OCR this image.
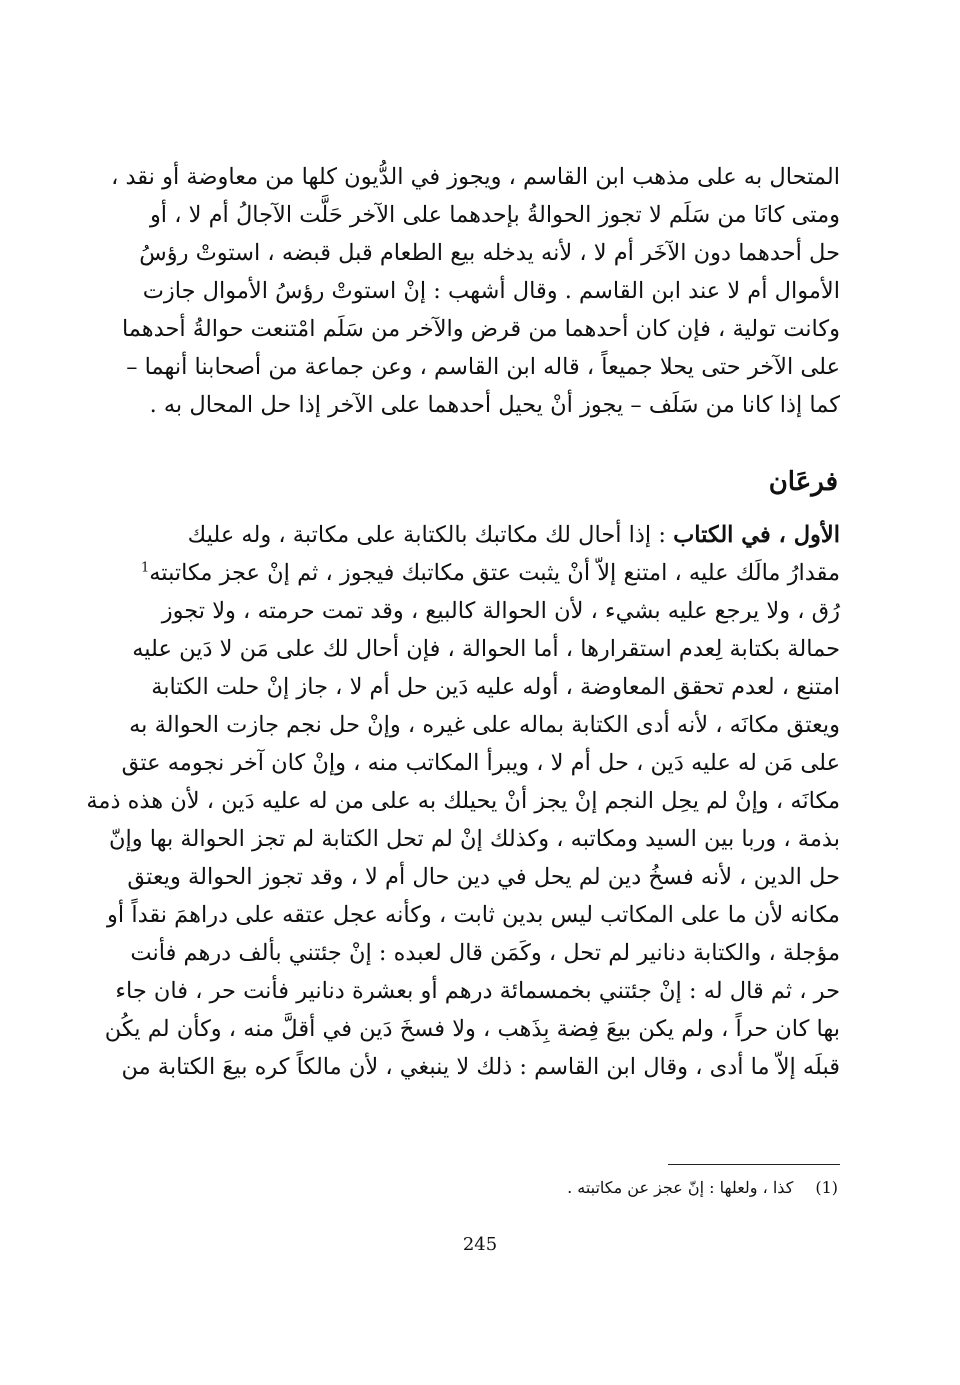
المتحال به على مذهب ابن القاسم ، ويجوز في الدُّيون كلها من معاوضة أو نقد ،
ومتى كانَا من سَلَم لا تجوز الحوالةُ بإحدهما على الآخر حَلَّت الآجالُ أم لا ، أو
حل أحدهما دون الآخَر أم لا ، لأنه يدخله بيع الطعام قبل قبضه ، استوتْ رؤسُ
الأموال أم لا عند ابن القاسم . وقال أشهب : إنْ استوتْ رؤسُ الأموال جازت
وكانت تولية ، فإن كان أحدهما من قرض والآخر من سَلَم امْتنعت حوالةُ أحدهما
على الآخر حتى يحلا جميعاً ، قاله ابن القاسم ، وعن جماعة من أصحابنا أنهما –
كما إذا كانا من سَلَف – يجوز أنْ يحيل أحدهما على الآخر إذا حل المحال به .
فرعَان
الأول ، في الكتاب : إذا أحال لك مكاتبك بالكتابة على مكاتبة ، وله عليك
مقدارُ مالَك عليه ، امتنع إلاّ أنْ يثبت عتق مكاتبك فيجوز ، ثم إنْ عجز مكاتبته$^1$
رُق ، ولا يرجع عليه بشيء ، لأن الحوالة كالبيع ، وقد تمت حرمته ، ولا تجوز
حمالة بكتابة لِعدم استقرارها ، أما الحوالة ، فإن أحال لك على مَن لا دَين عليه
امتنع ، لعدم تحقق المعاوضة ، أوله عليه دَين حل أم لا ، جاز إنْ حلت الكتابة
ويعتق مكانَه ، لأنه أدى الكتابة بماله على غيره ، وإنْ حل نجم جازت الحوالة به
على مَن له عليه دَين ، حل أم لا ، ويبرأ المكاتب منه ، وإنْ كان آخر نجومه عتق
مكانَه ، وإنْ لم يحِل النجم إنْ يجز أنْ يحيلك به على من له عليه دَين ، لأن هذه ذمة
بذمة ، وربا بين السيد ومكاتبه ، وكذلك إنْ لم تحل الكتابة لم تجز الحوالة بها وإنّ
حل الدين ، لأنه فسخُ دين لم يحل في دين حال أم لا ، وقد تجوز الحوالة ويعتق
مكانه لأن ما على المكاتب ليس بدين ثابت ، وكأنه عجل عتقه على دراهمَ نقداً أو
مؤجلة ، والكتابة دنانير لم تحل ، وكَمَن قال لعبده : إنْ جئتني بألف درهم فأنت
حر ، ثم قال له : إنْ جئتني بخمسمائة درهم أو بعشرة دنانير فأنت حر ، فان جاء
بها كان حراً ، ولم يكن بيعَ فِضة بِذَهب ، ولا فسخَ دَين في أقلَّ منه ، وكأن لم يكُن
قبلَه إلاّ ما أدى ، وقال ابن القاسم : ذلك لا ينبغي ، لأن مالكاً كره بيعَ الكتابة من
(1)كذا ، ولعلها : إنّ عجز عن مكاتبته .
245
